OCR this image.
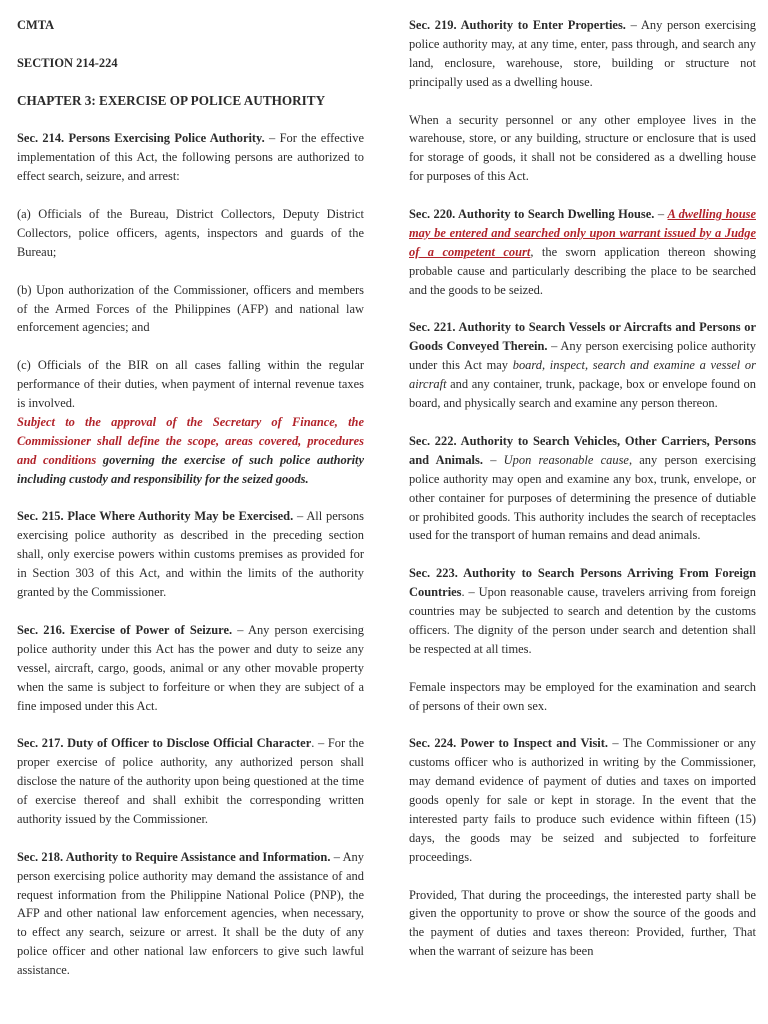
CMTA

SECTION 214-224

CHAPTER 3: EXERCISE OP POLICE AUTHORITY

Sec. 214. Persons Exercising Police Authority. – For the effective implementation of this Act, the following persons are authorized to effect search, seizure, and arrest:

(a) Officials of the Bureau, District Collectors, Deputy District Collectors, police officers, agents, inspectors and guards of the Bureau;

(b) Upon authorization of the Commissioner, officers and members of the Armed Forces of the Philippines (AFP) and national law enforcement agencies; and

(c) Officials of the BIR on all cases falling within the regular performance of their duties, when payment of internal revenue taxes is involved.

Subject to the approval of the Secretary of Finance, the Commissioner shall define the scope, areas covered, procedures and conditions governing the exercise of such police authority including custody and responsibility for the seized goods.

Sec. 215. Place Where Authority May be Exercised. – All persons exercising police authority as described in the preceding section shall, only exercise powers within customs premises as provided for in Section 303 of this Act, and within the limits of the authority granted by the Commissioner.

Sec. 216. Exercise of Power of Seizure. – Any person exercising police authority under this Act has the power and duty to seize any vessel, aircraft, cargo, goods, animal or any other movable property when the same is subject to forfeiture or when they are subject of a fine imposed under this Act.

Sec. 217. Duty of Officer to Disclose Official Character. – For the proper exercise of police authority, any authorized person shall disclose the nature of the authority upon being questioned at the time of exercise thereof and shall exhibit the corresponding written authority issued by the Commissioner.

Sec. 218. Authority to Require Assistance and Information. – Any person exercising police authority may demand the assistance of and request information from the Philippine National Police (PNP), the AFP and other national law enforcement agencies, when necessary, to effect any search, seizure or arrest. It shall be the duty of any police officer and other national law enforcers to give such lawful assistance.

Sec. 219. Authority to Enter Properties. – Any person exercising police authority may, at any time, enter, pass through, and search any land, enclosure, warehouse, store, building or structure not principally used as a dwelling house.

When a security personnel or any other employee lives in the warehouse, store, or any building, structure or enclosure that is used for storage of goods, it shall not be considered as a dwelling house for purposes of this Act.

Sec. 220. Authority to Search Dwelling House. – A dwelling house may be entered and searched only upon warrant issued by a Judge of a competent court, the sworn application thereon showing probable cause and particularly describing the place to be searched and the goods to be seized.

Sec. 221. Authority to Search Vessels or Aircrafts and Persons or Goods Conveyed Therein. – Any person exercising police authority under this Act may board, inspect, search and examine a vessel or aircraft and any container, trunk, package, box or envelope found on board, and physically search and examine any person thereon.

Sec. 222. Authority to Search Vehicles, Other Carriers, Persons and Animals. – Upon reasonable cause, any person exercising police authority may open and examine any box, trunk, envelope, or other container for purposes of determining the presence of dutiable or prohibited goods. This authority includes the search of receptacles used for the transport of human remains and dead animals.

Sec. 223. Authority to Search Persons Arriving From Foreign Countries. – Upon reasonable cause, travelers arriving from foreign countries may be subjected to search and detention by the customs officers. The dignity of the person under search and detention shall be respected at all times.

Female inspectors may be employed for the examination and search of persons of their own sex.

Sec. 224. Power to Inspect and Visit. – The Commissioner or any customs officer who is authorized in writing by the Commissioner, may demand evidence of payment of duties and taxes on imported goods openly for sale or kept in storage. In the event that the interested party fails to produce such evidence within fifteen (15) days, the goods may be seized and subjected to forfeiture proceedings.

Provided, That during the proceedings, the interested party shall be given the opportunity to prove or show the source of the goods and the payment of duties and taxes thereon: Provided, further, That when the warrant of seizure has been
